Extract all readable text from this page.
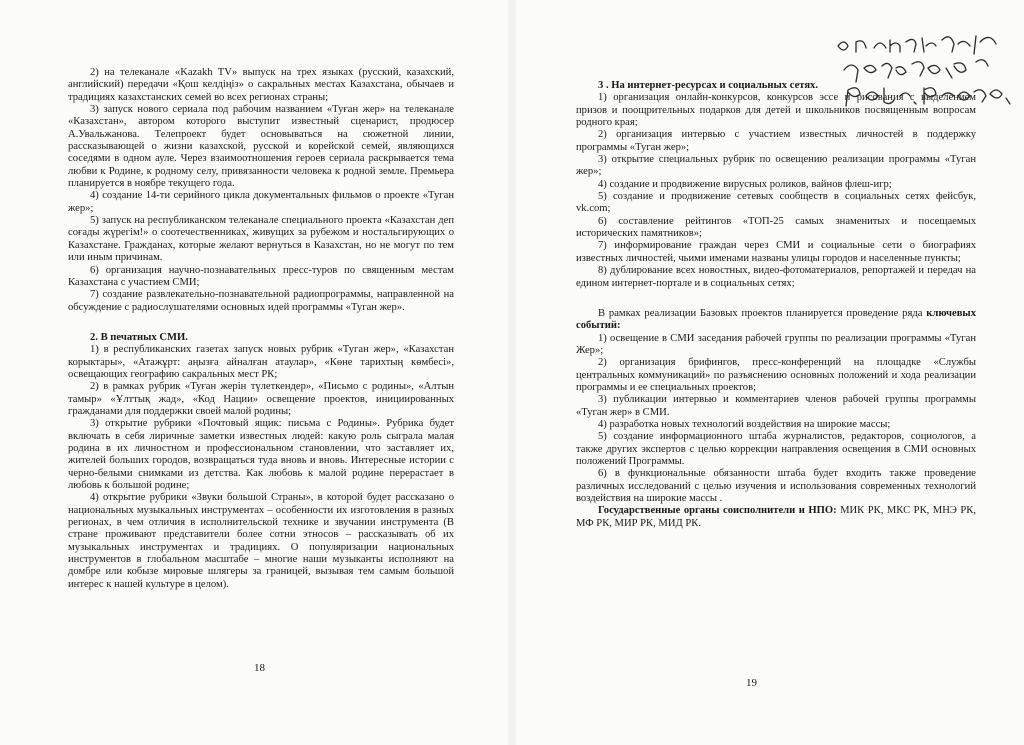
2) на телеканале «Kazakh TV» выпуск на трех языках (русский, казахский, английский) передачи «Қош келдіңіз» о сакральных местах Казахстана, обычаев и традициях казахстанских семей во всех регионах страны;

3) запуск нового сериала под рабочим названием «Туған жер» на телеканале «Казахстан», автором которого выступит известный сценарист, продюсер А.Увальжанова. Телепроект будет основываться на сюжетной линии, рассказывающей о жизни казахской, русской и корейской семей, являющихся соседями в одном ауле. Через взаимоотношения героев сериала раскрывается тема любви к Родине, к родному селу, привязанности человека к родной земле. Премьера планируется в ноябре текущего года.

4) создание 14-ти серийного цикла документальных фильмов о проекте «Туган жер»;

5) запуск на республиканском телеканале специального проекта «Казахстан деп соғады жүрегім!» о соотечественниках, живущих за рубежом и ностальгирующих о Казахстане. Гражданах, которые желают вернуться в Казахстан, но не могут по тем или иным причинам.

6) организация научно-познавательных пресс-туров по священным местам Казахстана с участием СМИ;

7) создание развлекательно-познавательной радиопрограммы, направленной на обсуждение с радиослушателями основных идей программы «Туган жер».

2. В печатных СМИ.

1) в республиканских газетах запуск новых рубрик «Туган жер», «Казахстан корыктары», «Атажұрт: аңызға айналған атаулар», «Көне тарихтың көмбесі», освещающих географию сакральных мест РК;

2) в рамках рубрик «Туған жерін түлеткендер», «Письмо с родины», «Алтын тамыр» «Ұлттық жад», «Код Нации» освещение проектов, инициированных гражданами для поддержки своей малой родины;

3) открытие рубрики «Почтовый ящик: письма с Родины». Рубрика будет включать в себя лиричные заметки известных людей: какую роль сыграла малая родина в их личностном и профессиональном становлении, что заставляет их, жителей больших городов, возвращаться туда вновь и вновь. Интересные истории с черно-белыми снимками из детства. Как любовь к малой родине перерастает в любовь к большой родине;

4) открытие рубрики «Звуки большой Страны», в которой будет рассказано о национальных музыкальных инструментах – особенности их изготовления в разных регионах, в чем отличия в исполнительской технике и звучании инструмента (В стране проживают представители более сотни этносов – рассказывать об их музыкальных инструментах и традициях. О популяризации национальных инструментов в глобальном масштабе – многие наши музыканты исполняют на домбре или кобызе мировые шлягеры за границей, вызывая тем самым большой интерес к нашей культуре в целом).

18

3 . На интернет-ресурсах и социальных сетях.

1) организация онлайн-конкурсов, конкурсов эссе и рисования с выделением призов и поощрительных подарков для детей и школьников посвященным вопросам родного края;

2) организация интервью с участием известных личностей в поддержку программы «Туган жер»;

3) открытие специальных рубрик по освещению реализации программы «Туган жер»;

4) создание и продвижение вирусных роликов, вайнов флеш-игр;

5) создание и продвижение сетевых сообществ в социальных сетях фейсбук, vk.com;

6) составление рейтингов «ТОП-25 самых знаменитых и посещаемых исторических памятников»;

7) информирование граждан через СМИ и социальные сети о биографиях известных личностей, чьими именами названы улицы городов и населенные пункты;

8) дублирование всех новостных, видео-фотоматериалов, репортажей и передач на едином интернет-портале и в социальных сетях;

В рамках реализации Базовых проектов планируется проведение ряда ключевых событий:

1) освещение в СМИ заседания рабочей группы по реализации программы «Туган Жер»;

2) организация брифингов, пресс-конференций на площадке «Службы центральных коммуникаций» по разъяснению основных положений и хода реализации программы и ее специальных проектов;

3) публикации интервью и комментариев членов рабочей группы программы «Туган жер» в СМИ.

4) разработка новых технологий воздействия на широкие массы;

5) создание информационного штаба журналистов, редакторов, социологов, а также других экспертов с целью коррекции направления освещения в СМИ основных положений Программы.

6) в функциональные обязанности штаба будет входить также проведение различных исследований с целью изучения и использования современных технологий воздействия на широкие массы .

Государственные органы соисполнители и НПО: МИК РК, МКС РК, МНЭ РК, МФ РК, МИР РК, МИД РК.

19
